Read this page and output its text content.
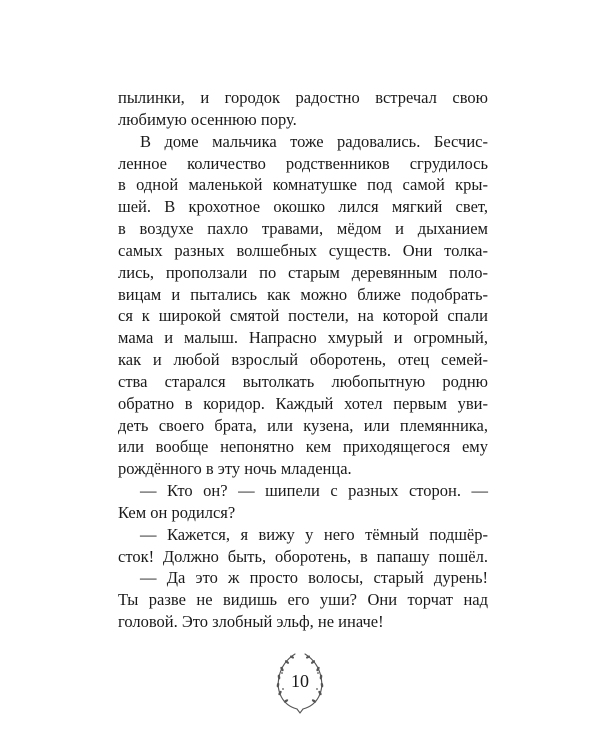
пылинки, и городок радостно встречал свою
любимую осеннюю пору.
В доме мальчика тоже радовались. Бесчис-
ленное количество родственников сгрудилось
в одной маленькой комнатушке под самой кры-
шей. В крохотное окошко лился мягкий свет,
в воздухе пахло травами, мёдом и дыханием
самых разных волшебных существ. Они толка-
лись, проползали по старым деревянным поло-
вицам и пытались как можно ближе подобрать-
ся к широкой смятой постели, на которой спали
мама и малыш. Напрасно хмурый и огромный,
как и любой взрослый оборотень, отец семей-
ства старался вытолкать любопытную родню
обратно в коридор. Каждый хотел первым уви-
деть своего брата, или кузена, или племянника,
или вообще непонятно кем приходящегося ему
рождённого в эту ночь младенца.
— Кто он? — шипели с разных сторон. —
Кем он родился?
— Кажется, я вижу у него тёмный подшёр-
сток! Должно быть, оборотень, в папашу пошёл.
— Да это ж просто волосы, старый дурень!
Ты разве не видишь его уши? Они торчат над
головой. Это злобный эльф, не иначе!
10
